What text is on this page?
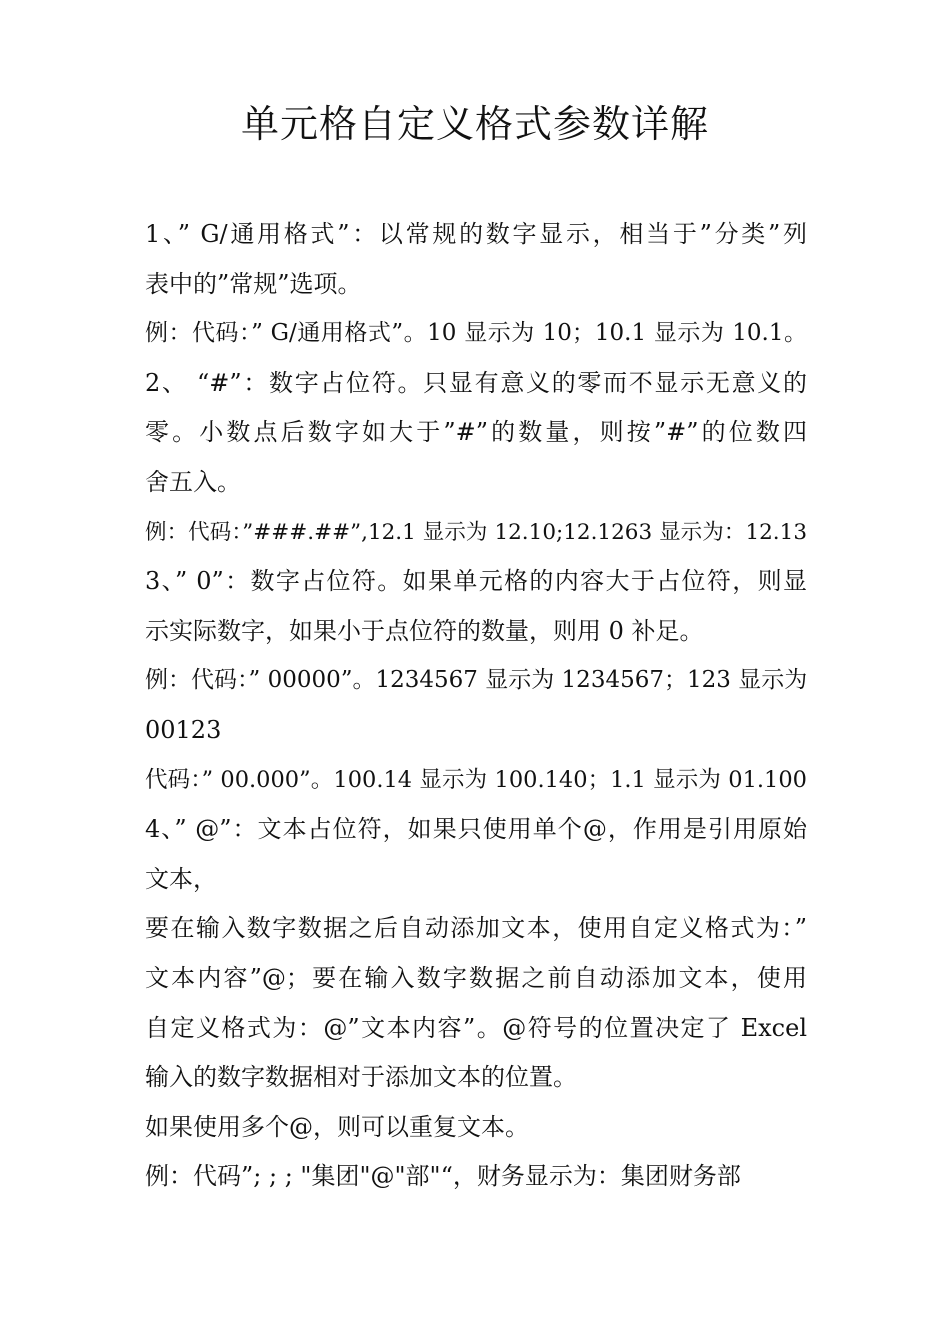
单元格自定义格式参数详解
1、” G/通用格式”：以常规的数字显示，相当于”分类”列
表中的”常规”选项。
例：代码：” G/通用格式”。10 显示为 10；10.1 显示为 10.1。
2、 “#”：数字占位符。只显有意义的零而不显示无意义的
零。小数点后数字如大于”#”的数量，则按”#”的位数四
舍五入。
例：代码：”###.##”,12.1 显示为 12.10;12.1263 显示为：12.13
3、” 0”：数字占位符。如果单元格的内容大于占位符，则显
示实际数字，如果小于点位符的数量，则用 0 补足。
例：代码：” 00000”。1234567 显示为 1234567；123 显示为
00123
代码：” 00.000”。100.14 显示为 100.140；1.1 显示为 01.100
4、” @”：文本占位符，如果只使用单个@，作用是引用原始
文本，
要在输入数字数据之后自动添加文本，使用自定义格式为：”
文本内容”@；要在输入数字数据之前自动添加文本，使用
自定义格式为：@”文本内容”。@符号的位置决定了 Excel
输入的数字数据相对于添加文本的位置。
如果使用多个@，则可以重复文本。
例：代码”; ; ; "集团"@"部"“，财务显示为：集团财务部
